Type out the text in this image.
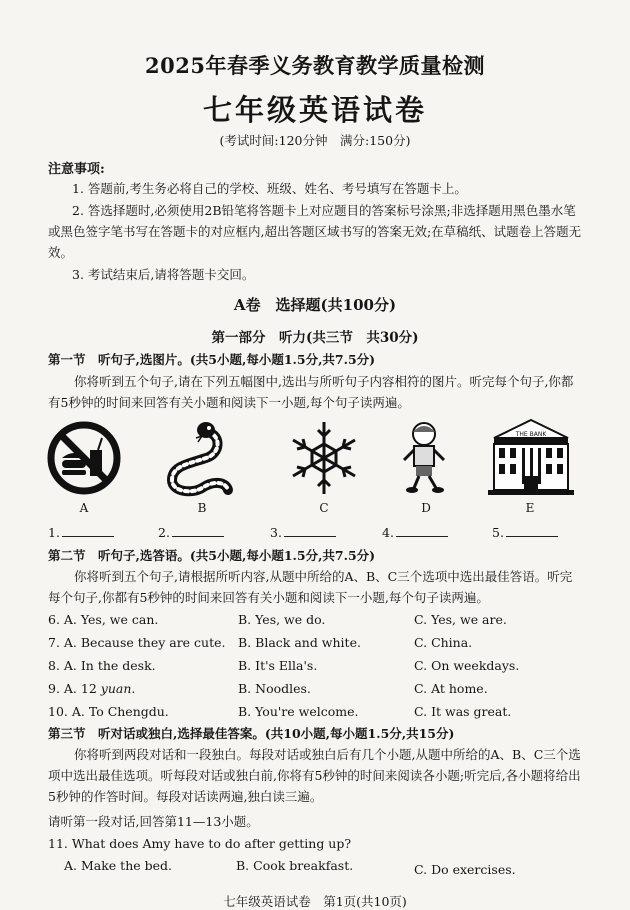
2025年春季义务教育教学质量检测
七年级英语试卷
(考试时间:120分钟　满分:150分)
注意事项:
1. 答题前,考生务必将自己的学校、班级、姓名、考号填写在答题卡上。
2. 答选择题时,必须使用2B铅笔将答题卡上对应题目的答案标号涂黑;非选择题用黑色墨水笔或黑色签字笔书写在答题卡的对应框内,超出答题区域书写的答案无效;在草稿纸、试题卷上答题无效。
3. 考试结束后,请将答题卡交回。
A卷　选择题(共100分)
第一部分　听力(共三节　共30分)
第一节　听句子,选图片。(共5小题,每小题1.5分,共7.5分)
你将听到五个句子,请在下列五幅图中,选出与所听句子内容相符的图片。听完每个句子,你都有5秒钟的时间来回答有关小题和阅读下一小题,每个句子读两遍。
THE BANK
A	B	C	D	E
1.	2.	3.	4.	5.
第二节　听句子,选答语。(共5小题,每小题1.5分,共7.5分)
你将听到五个句子,请根据所听内容,从题中所给的A、B、C三个选项中选出最佳答语。听完每个句子,你都有5秒钟的时间来回答有关小题和阅读下一小题,每个句子读两遍。
6. A. Yes, we can.	B. Yes, we do.	C. Yes, we are.
7. A. Because they are cute. B. Black and white.	C. China.
8. A. In the desk.	B. It's Ella's.	C. On weekdays.
9. A. 12 yuan.	B. Noodles.	C. At home.
10. A. To Chengdu.	B. You're welcome.	C. It was great.
第三节　听对话或独白,选择最佳答案。(共10小题,每小题1.5分,共15分)
你将听到两段对话和一段独白。每段对话或独白后有几个小题,从题中所给的A、B、C三个选项中选出最佳选项。听每段对话或独白前,你将有5秒钟的时间来阅读各小题;听完后,各小题将给出5秒钟的作答时间。每段对话读两遍,独白读三遍。
请听第一段对话,回答第11—13小题。
11. What does Amy have to do after getting up?
A. Make the bed.	B. Cook breakfast.	C. Do exercises.
七年级英语试卷　第1页(共10页)
